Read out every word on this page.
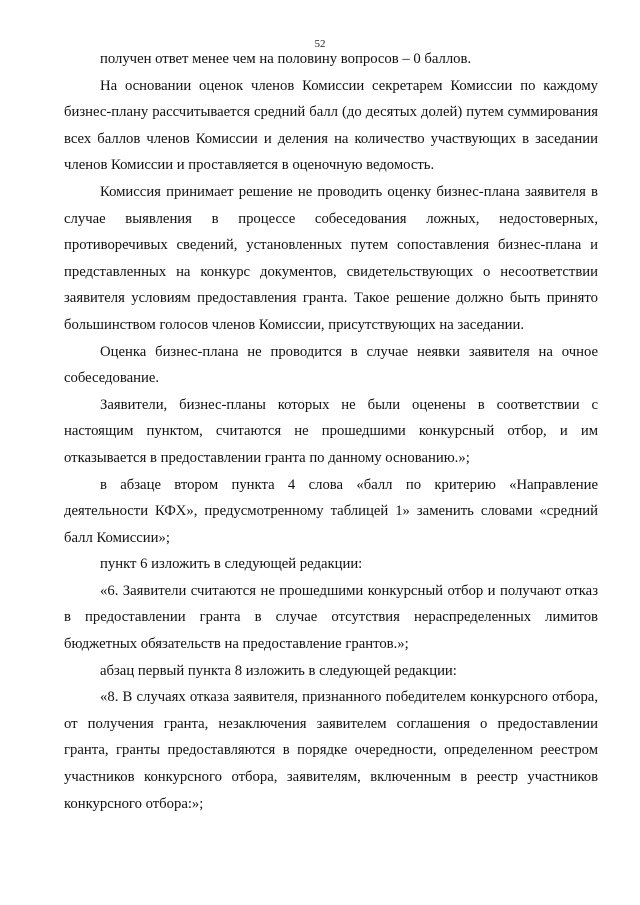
52

получен ответ менее чем на половину вопросов – 0 баллов.

На основании оценок членов Комиссии секретарем Комиссии по каждому бизнес-плану рассчитывается средний балл (до десятых долей) путем суммирования всех баллов членов Комиссии и деления на количество участвующих в заседании членов Комиссии и проставляется в оценочную ведомость.

Комиссия принимает решение не проводить оценку бизнес-плана заявителя в случае выявления в процессе собеседования ложных, недостоверных, противоречивых сведений, установленных путем сопоставления бизнес-плана и представленных на конкурс документов, свидетельствующих о несоответствии заявителя условиям предоставления гранта. Такое решение должно быть принято большинством голосов членов Комиссии, присутствующих на заседании.

Оценка бизнес-плана не проводится в случае неявки заявителя на очное собеседование.

Заявители, бизнес-планы которых не были оценены в соответствии с настоящим пунктом, считаются не прошедшими конкурсный отбор, и им отказывается в предоставлении гранта по данному основанию.»;

в абзаце втором пункта 4 слова «балл по критерию «Направление деятельности КФХ», предусмотренному таблицей 1» заменить словами «средний балл Комиссии»;

пункт 6 изложить в следующей редакции:

«6. Заявители считаются не прошедшими конкурсный отбор и получают отказ в предоставлении гранта в случае отсутствия нераспределенных лимитов бюджетных обязательств на предоставление грантов.»;

абзац первый пункта 8 изложить в следующей редакции:

«8. В случаях отказа заявителя, признанного победителем конкурсного отбора, от получения гранта, незаключения заявителем соглашения о предоставлении гранта, гранты предоставляются в порядке очередности, определенном реестром участников конкурсного отбора, заявителям, включенным в реестр участников конкурсного отбора:»;
